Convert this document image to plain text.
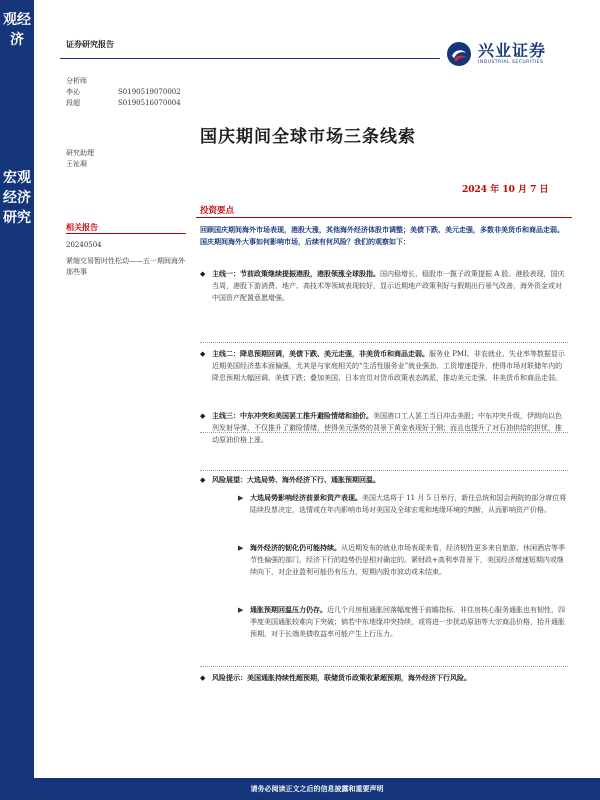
观经济
宏观经济研究
证券研究报告	兴业证券
INDUSTRIAL SECURITIES
分析师
李沁	S0190519070002
段超	S0190516070004
研究助理
王祉凝
国庆期间全球市场三条线索
2024 年 10 月 7 日
相关报告
20240504
紧缩交易暂时性松动——五一期间海外那些事
投资要点
回顾国庆期间海外市场表现，港股大涨，其他海外经济体股市调整；美债下跌、美元走强，多数非美货币和商品走弱。国庆期间海外大事如何影响市场，后续有何风险？我们的观察如下：
◆ 主线一：节前政策继续提振港股，港股领涨全球股指。国内稳增长、稳股市一揽子政策提振 A 股、港股表现，国庆当周，港股下游消费、地产、高技术等领域表现较好，显示近期地产政策利好与假期出行景气改善，海外资金或对中国资产配置意愿增强。
◆ 主线二：降息预期回调，美债下跌、美元走强，非美货币和商品走弱。服务业 PMI、非农就业、失业率等数据显示近期美国经济基本面偏强，尤其是与家庭相关的“生活性服务业”就业强劲、工资增速提升，使得市场对联储年内的降息预期大幅回调、美债下跌；叠加美国、日本官员对货币政策表态鸽派，推动美元走强、非美货币和商品走弱。
◆ 主线三：中东冲突和美国罢工推升避险情绪和油价。美国港口工人罢工当日冲击美股；中东冲突升级，伊朗向以色列发射导弹，不仅推升了避险情绪，使得美元强势的背景下黄金表现好于铜；而且也提升了对石油供给的担忧，推动原油价格上涨。
◆ 风险展望：大选局势、海外经济下行、通胀预期回温。
▶ 大选局势影响经济前景和资产表现。美国大选将于 11 月 5 日举行，新任总统和国会两院的部分席位将陆续投票决定，选情或在年内影响市场对美国及全球宏观和地缘环境的判断，从而影响资产价格。
▶ 海外经济的韧化仍可能持续。从近期发布的就业市场表现来看，经济韧性更多来自旅游、休闲酒店等季节性偏强的部门，经济下行的趋势仍是相对确定的。紧财政+高利率背景下，美国经济增速短期内或继续向下，对企业盈利可能仍有压力，短期内股市波动或未结束。
▶ 通胀预期回温压力仍存。近几个月房租通胀回落幅度慢于前瞻指标，非住房核心服务通胀也有韧性，四季度美国通胀较难向下突破；倘若中东地缘冲突持续，或将进一步扰动原油等大宗商品价格，抬升通胀预期，对于长端美债收益率可能产生上行压力。
◆ 风险提示：美国通胀持续性超预期，联储货币政策收紧超预期，海外经济下行风险。
请务必阅读正文之后的信息披露和重要声明
